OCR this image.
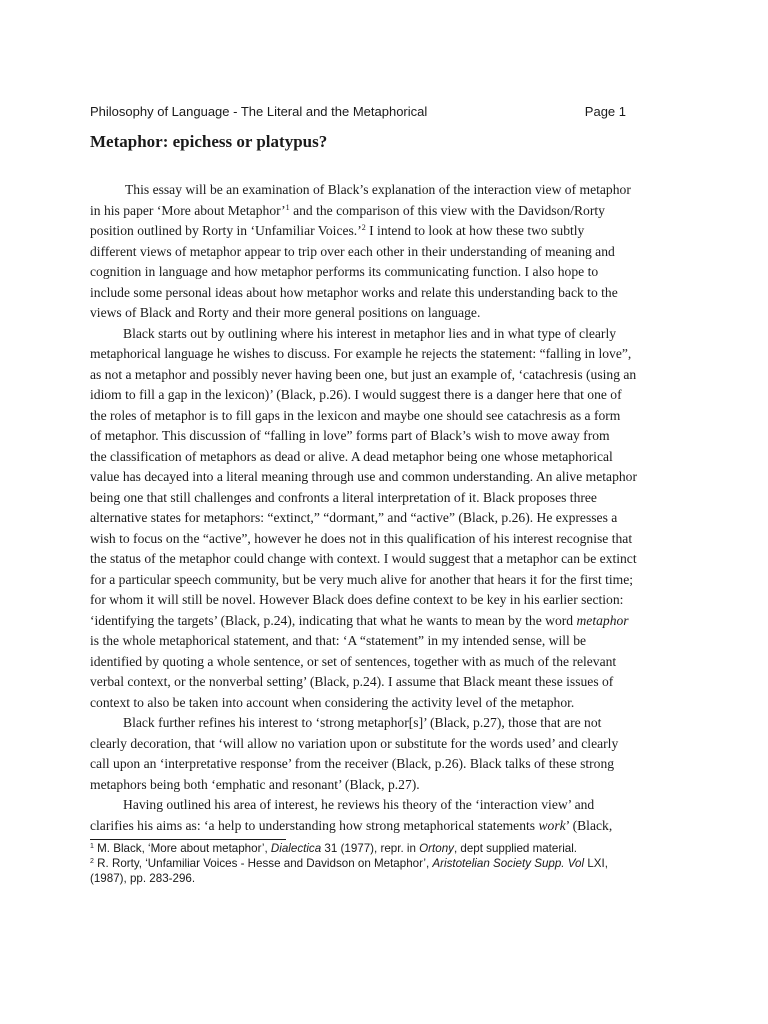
Philosophy of Language - The Literal and the Metaphorical	Page 1
Metaphor: epichess or platypus?
This essay will be an examination of Black’s explanation of the interaction view of metaphor
in his paper ‘More about Metaphor’$^1$ and the comparison of this view with the Davidson/Rorty
position outlined by Rorty in ‘Unfamiliar Voices.’$^2$ I intend to look at how these two subtly
different views of metaphor appear to trip over each other in their understanding of meaning and
cognition in language and how metaphor performs its communicating function. I also hope to
include some personal ideas about how metaphor works and relate this understanding back to the
views of Black and Rorty and their more general positions on language.
Black starts out by outlining where his interest in metaphor lies and in what type of clearly
metaphorical language he wishes to discuss. For example he rejects the statement: “falling in love”,
as not a metaphor and possibly never having been one, but just an example of, ‘catachresis (using an
idiom to fill a gap in the lexicon)’ (Black, p.26). I would suggest there is a danger here that one of
the roles of metaphor is to fill gaps in the lexicon and maybe one should see catachresis as a form
of metaphor. This discussion of “falling in love” forms part of Black’s wish to move away from
the classification of metaphors as dead or alive. A dead metaphor being one whose metaphorical
value has decayed into a literal meaning through use and common understanding. An alive metaphor
being one that still challenges and confronts a literal interpretation of it. Black proposes three
alternative states for metaphors: “extinct,” “dormant,” and “active” (Black, p.26). He expresses a
wish to focus on the “active”, however he does not in this qualification of his interest recognise that
the status of the metaphor could change with context. I would suggest that a metaphor can be extinct
for a particular speech community, but be very much alive for another that hears it for the first time;
for whom it will still be novel. However Black does define context to be key in his earlier section:
‘identifying the targets’ (Black, p.24), indicating that what he wants to mean by the word metaphor
is the whole metaphorical statement, and that: ‘A “statement” in my intended sense, will be
identified by quoting a whole sentence, or set of sentences, together with as much of the relevant
verbal context, or the nonverbal setting’ (Black, p.24). I assume that Black meant these issues of
context to also be taken into account when considering the activity level of the metaphor.
Black further refines his interest to ‘strong metaphor[s]’ (Black, p.27), those that are not
clearly decoration, that ‘will allow no variation upon or substitute for the words used’ and clearly
call upon an ‘interpretative response’ from the receiver (Black, p.26). Black talks of these strong
metaphors being both ‘emphatic and resonant’ (Black, p.27).
Having outlined his area of interest, he reviews his theory of the ‘interaction view’ and
clarifies his aims as: ‘a help to understanding how strong metaphorical statements work’ (Black,
$^1$ M. Black, ‘More about metaphor’, Dialectica 31 (1977), repr. in Ortony, dept supplied material.
$^2$ R. Rorty, ‘Unfamiliar Voices - Hesse and Davidson on Metaphor’, Aristotelian Society Supp. Vol LXI,
(1987), pp. 283-296.
